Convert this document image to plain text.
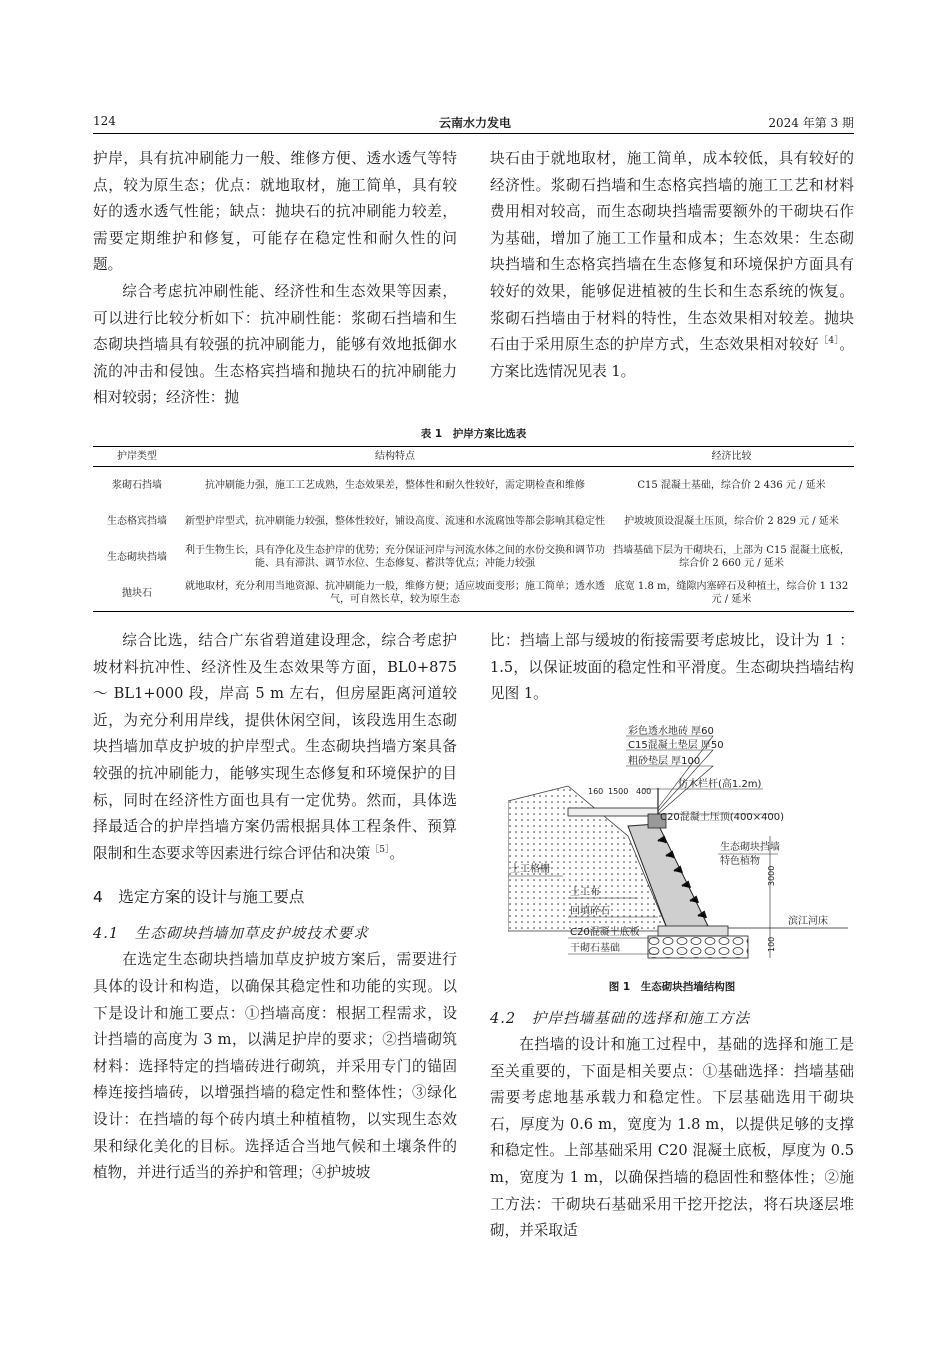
124	云南水力发电	2024 年第 3 期

护岸，具有抗冲刷能力一般、维修方便、透水透气等特点，较为原生态；优点：就地取材，施工简单，具有较好的透水透气性能；缺点：抛块石的抗冲刷能力较差，需要定期维护和修复，可能存在稳定性和耐久性的问题。

综合考虑抗冲刷性能、经济性和生态效果等因素，可以进行比较分析如下：抗冲刷性能：浆砌石挡墙和生态砌块挡墙具有较强的抗冲刷能力，能够有效地抵御水流的冲击和侵蚀。生态格宾挡墙和抛块石的抗冲刷能力相对较弱；经济性：抛

块石由于就地取材，施工简单，成本较低，具有较好的经济性。浆砌石挡墙和生态格宾挡墙的施工工艺和材料费用相对较高，而生态砌块挡墙需要额外的干砌块石作为基础，增加了施工工作量和成本；生态效果：生态砌块挡墙和生态格宾挡墙在生态修复和环境保护方面具有较好的效果，能够促进植被的生长和生态系统的恢复。浆砌石挡墙由于材料的特性，生态效果相对较差。抛块石由于采用原生态的护岸方式，生态效果相对较好$^{[4]}$。方案比选情况见表 1。

表 1　护岸方案比选表
护岸类型	结构特点	经济比较
浆砌石挡墙	抗冲刷能力强，施工工艺成熟，生态效果差，整体性和耐久性较好，需定期检查和维修	C15 混凝土基础，综合价 2 436 元 / 延米
生态格宾挡墙	新型护岸型式，抗冲刷能力较强，整体性较好，铺设高度、流速和水流腐蚀等都会影响其稳定性	护坡坡顶设混凝土压顶，综合价 2 829 元 / 延米
生态砌块挡墙	利于生物生长，具有净化及生态护岸的优势；充分保证河岸与河流水体之间的水份交换和调节功能、具有滞洪、调节水位、生态修复、蓄洪等优点；冲能力较强	挡墙基础下层为干砌块石，上部为 C15 混凝土底板，综合价 2 660 元 / 延米
抛块石	就地取材，充分利用当地资源、抗冲刷能力一般，维修方便；适应坡面变形；施工简单；透水透气，可自然长草，较为原生态	底宽 1.8 m，缝隙内塞碎石及种植土，综合价 1 132 元 / 延米

综合比选，结合广东省碧道建设理念，综合考虑护坡材料抗冲性、经济性及生态效果等方面，BL0+875 ～ BL1+000 段，岸高 5 m 左右，但房屋距离河道较近，为充分利用岸线，提供休闲空间，该段选用生态砌块挡墙加草皮护坡的护岸型式。生态砌块挡墙方案具备较强的抗冲刷能力，能够实现生态修复和环境保护的目标，同时在经济性方面也具有一定优势。然而，具体选择最适合的护岸挡墙方案仍需根据具体工程条件、预算限制和生态要求等因素进行综合评估和决策$^{[5]}$。

4　选定方案的设计与施工要点

4.1　生态砌块挡墙加草皮护坡技术要求

在选定生态砌块挡墙加草皮护坡方案后，需要进行具体的设计和构造，以确保其稳定性和功能的实现。以下是设计和施工要点：①挡墙高度：根据工程需求，设计挡墙的高度为 3 m，以满足护岸的要求；②挡墙砌筑材料：选择特定的挡墙砖进行砌筑，并采用专门的锚固棒连接挡墙砖，以增强挡墙的稳定性和整体性；③绿化设计：在挡墙的每个砖内填土种植植物，以实现生态效果和绿化美化的目标。选择适合当地气候和土壤条件的植物，并进行适当的养护和管理；④护坡坡

比：挡墙上部与缓坡的衔接需要考虑坡比，设计为 1 ：1.5，以保证坡面的稳定性和平滑度。生态砌块挡墙结构见图 1。

彩色透水地砖 厚60
C15混凝土垫层 厚50
粗砂垫层 厚100
160 1500 400
仿木栏杆(高1.2m)
C20混凝土压顶(400×400)
生态砌块挡墙
特色植物
土工格栅
土工布
回填碎石
C20混凝土底板
干砌石基础
滨江河床
3000
100
图 1　生态砌块挡墙结构图

4.2　护岸挡墙基础的选择和施工方法

在挡墙的设计和施工过程中，基础的选择和施工是至关重要的，下面是相关要点：①基础选择：挡墙基础需要考虑地基承载力和稳定性。下层基础选用干砌块石，厚度为 0.6 m，宽度为 1.8 m，以提供足够的支撑和稳定性。上部基础采用 C20 混凝土底板，厚度为 0.5 m，宽度为 1 m，以确保挡墙的稳固性和整体性；②施工方法：干砌块石基础采用干挖开挖法，将石块逐层堆砌，并采取适
